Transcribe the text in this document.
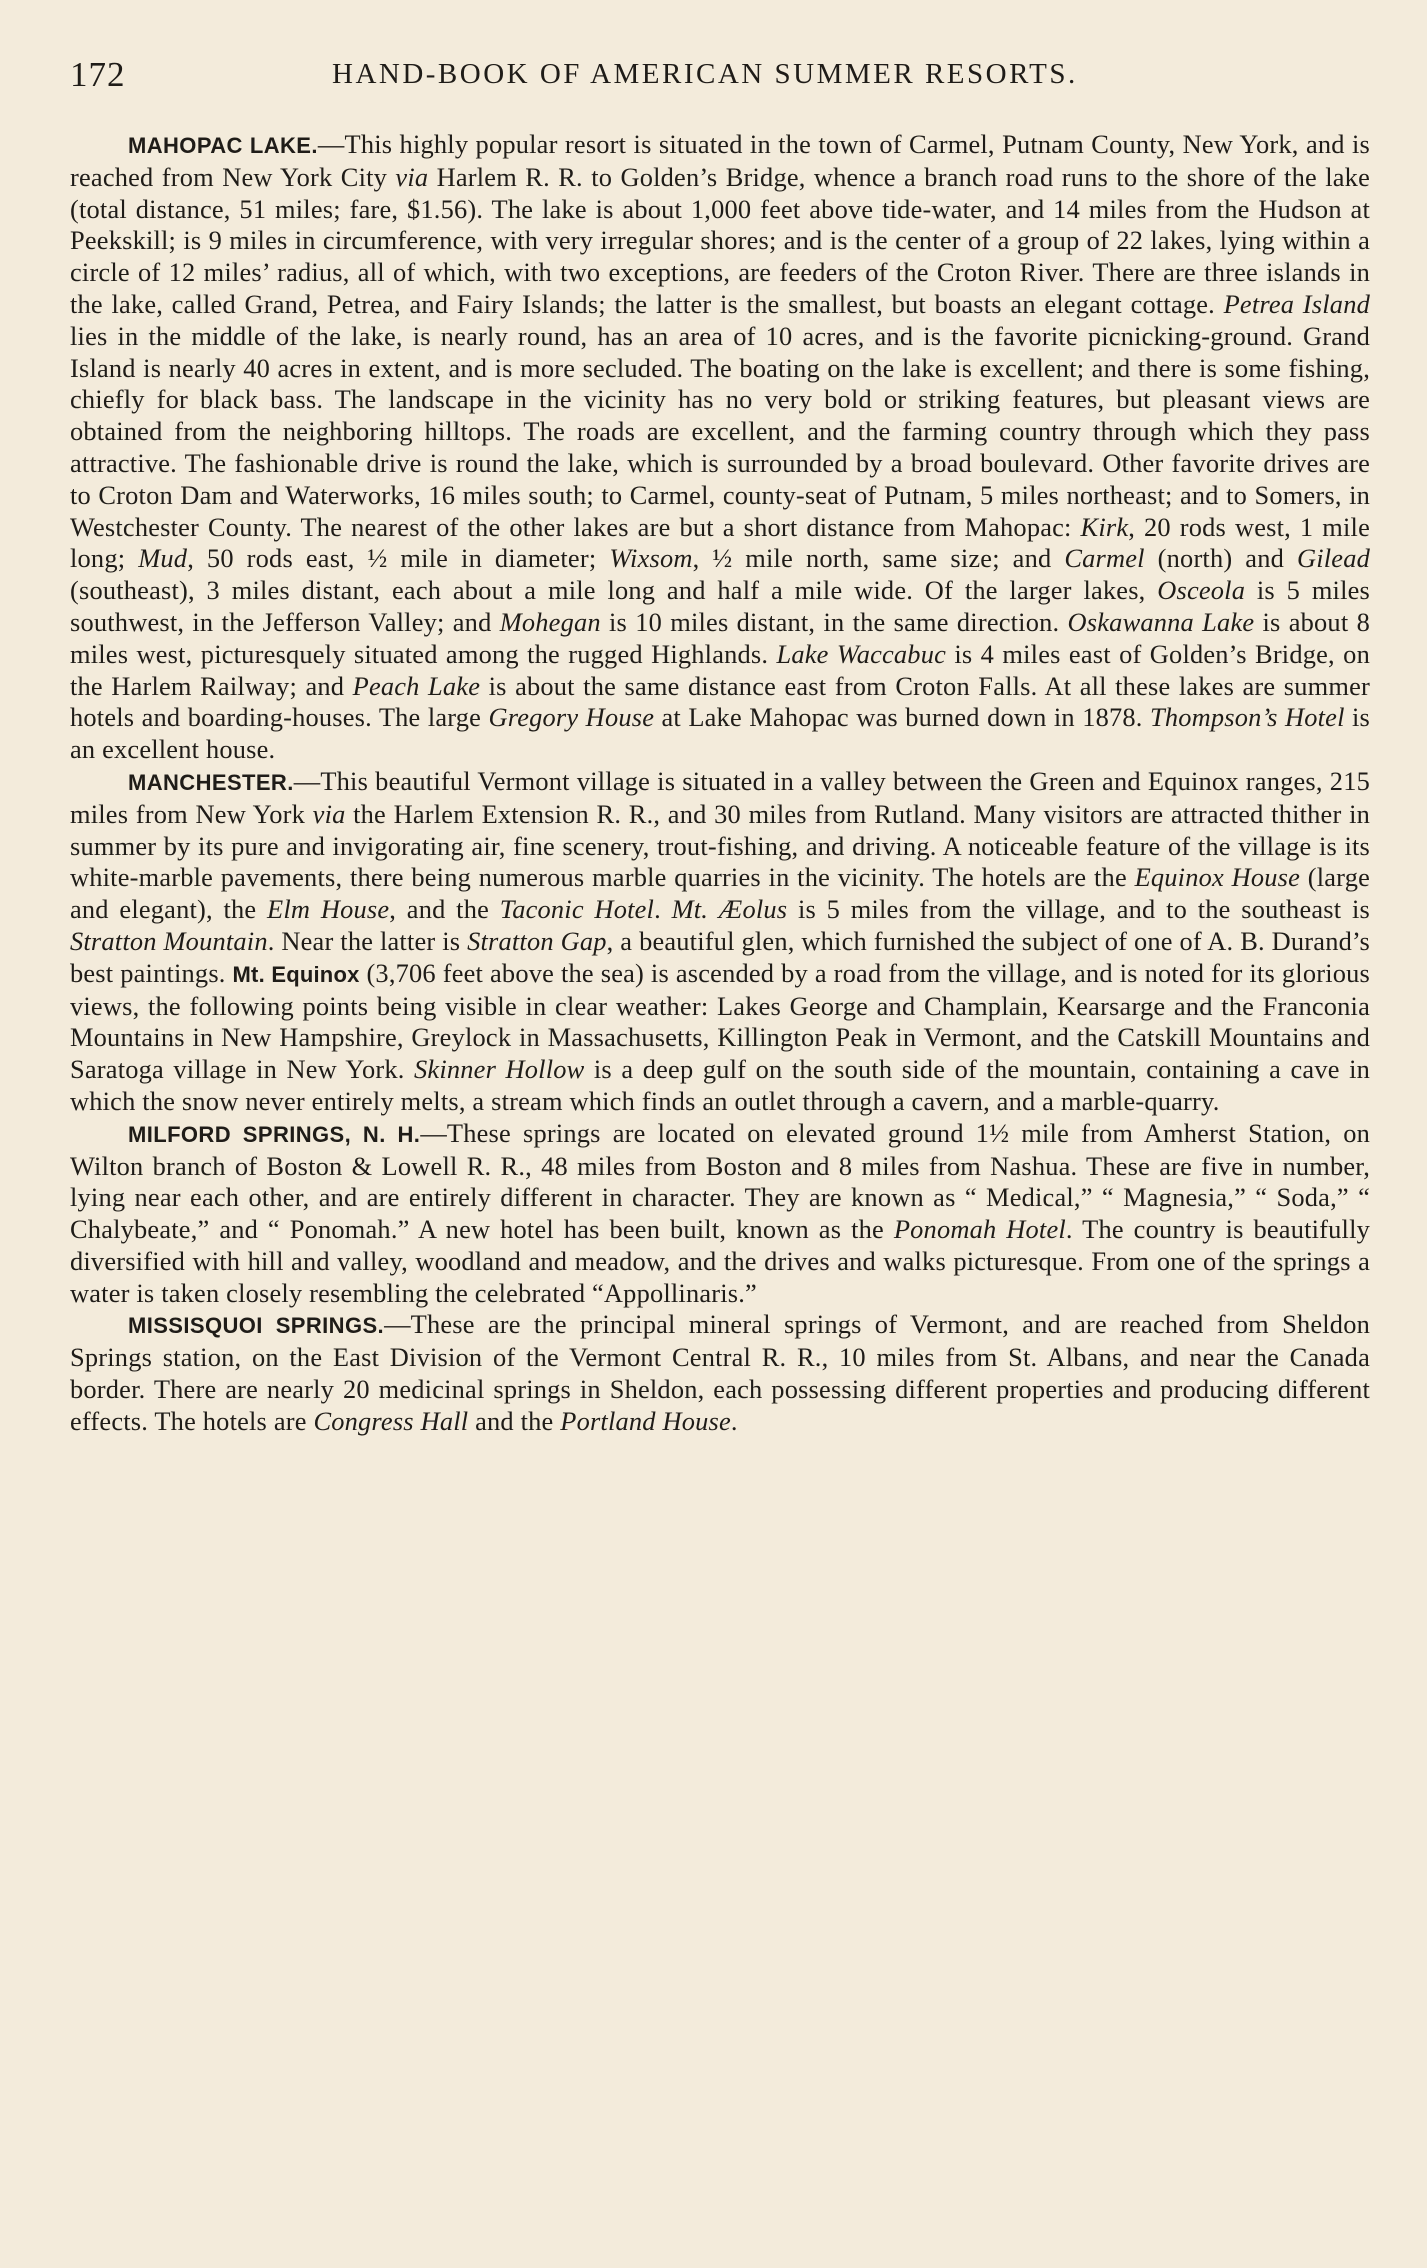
172	HAND-BOOK OF AMERICAN SUMMER RESORTS.

MAHOPAC LAKE.—This highly popular resort is situated in the town of Carmel, Putnam County, New York, and is reached from New York City via Harlem R. R. to Golden’s Bridge, whence a branch road runs to the shore of the lake (total distance, 51 miles; fare, $1.56). The lake is about 1,000 feet above tide-water, and 14 miles from the Hudson at Peekskill; is 9 miles in circumference, with very irregular shores; and is the center of a group of 22 lakes, lying within a circle of 12 miles’ radius, all of which, with two exceptions, are feeders of the Croton River. There are three islands in the lake, called Grand, Petrea, and Fairy Islands; the latter is the smallest, but boasts an elegant cottage. Petrea Island lies in the middle of the lake, is nearly round, has an area of 10 acres, and is the favorite picnicking-ground. Grand Island is nearly 40 acres in extent, and is more secluded. The boating on the lake is excellent; and there is some fishing, chiefly for black bass. The landscape in the vicinity has no very bold or striking features, but pleasant views are obtained from the neighboring hilltops. The roads are excellent, and the farming country through which they pass attractive. The fashionable drive is round the lake, which is surrounded by a broad boulevard. Other favorite drives are to Croton Dam and Waterworks, 16 miles south; to Carmel, county-seat of Putnam, 5 miles northeast; and to Somers, in Westchester County. The nearest of the other lakes are but a short distance from Mahopac: Kirk, 20 rods west, 1 mile long; Mud, 50 rods east, ½ mile in diameter; Wixsom, ½ mile north, same size; and Carmel (north) and Gilead (southeast), 3 miles distant, each about a mile long and half a mile wide. Of the larger lakes, Osceola is 5 miles southwest, in the Jefferson Valley; and Mohegan is 10 miles distant, in the same direction. Oskawanna Lake is about 8 miles west, picturesquely situated among the rugged Highlands. Lake Waccabuc is 4 miles east of Golden’s Bridge, on the Harlem Railway; and Peach Lake is about the same distance east from Croton Falls. At all these lakes are summer hotels and boarding-houses. The large Gregory House at Lake Mahopac was burned down in 1878. Thompson’s Hotel is an excellent house.

MANCHESTER.—This beautiful Vermont village is situated in a valley between the Green and Equinox ranges, 215 miles from New York via the Harlem Extension R. R., and 30 miles from Rutland. Many visitors are attracted thither in summer by its pure and invigorating air, fine scenery, trout-fishing, and driving. A noticeable feature of the village is its white-marble pavements, there being numerous marble quarries in the vicinity. The hotels are the Equinox House (large and elegant), the Elm House, and the Taconic Hotel. Mt. Æolus is 5 miles from the village, and to the southeast is Stratton Mountain. Near the latter is Stratton Gap, a beautiful glen, which furnished the subject of one of A. B. Durand’s best paintings. Mt. Equinox (3,706 feet above the sea) is ascended by a road from the village, and is noted for its glorious views, the following points being visible in clear weather: Lakes George and Champlain, Kearsarge and the Franconia Mountains in New Hampshire, Greylock in Massachusetts, Killington Peak in Vermont, and the Catskill Mountains and Saratoga village in New York. Skinner Hollow is a deep gulf on the south side of the mountain, containing a cave in which the snow never entirely melts, a stream which finds an outlet through a cavern, and a marble-quarry.

MILFORD SPRINGS, N. H.—These springs are located on elevated ground 1½ mile from Amherst Station, on Wilton branch of Boston & Lowell R. R., 48 miles from Boston and 8 miles from Nashua. These are five in number, lying near each other, and are entirely different in character. They are known as “ Medical,” “ Magnesia,” “ Soda,” “ Chalybeate,” and “ Ponomah.” A new hotel has been built, known as the Ponomah Hotel. The country is beautifully diversified with hill and valley, woodland and meadow, and the drives and walks picturesque. From one of the springs a water is taken closely resembling the celebrated “Appollinaris.”

MISSISQUOI SPRINGS.—These are the principal mineral springs of Vermont, and are reached from Sheldon Springs station, on the East Division of the Vermont Central R. R., 10 miles from St. Albans, and near the Canada border. There are nearly 20 medicinal springs in Sheldon, each possessing different properties and producing different effects. The hotels are Congress Hall and the Portland House.
